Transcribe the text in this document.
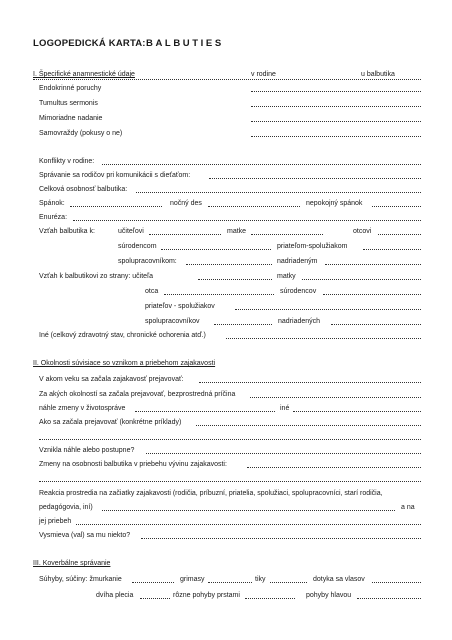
LOGOPEDICKÁ KARTA: BALBUTIES
I. Špecifické anamnestické údaje	v rodine	u balbutika
Endokrinné poruchy
Tumultus sermonis
Mimoriadne nadanie
Samovraždy (pokusy o ne)
Konflikty v rodine:
Správanie sa rodičov pri komunikácii s dieťaťom:
Celková osobnosť balbutika:
Spánok:	nočný des	nepokojný spánok
Enuréza:
Vzťah balbutika k:	učiteľovi	matke	otcovi
súrodencom	priateľom-spolužiakom
spolupracovníkom:	nadriadeným
Vzťah k balbutikovi zo strany: učiteľa	matky
otca	súrodencov
priateľov - spolužiakov
spolupracovníkov	nadriadených
Iné (celkový zdravotný stav, chronické ochorenia atď.)
II. Okolnosti súvisiace so vznikom a priebehom zajakavosti
V akom veku sa začala zajakavosť prejavovať:
Za akých okolností sa začala prejavovať, bezprostredná príčina
náhle zmeny v životospráve	iné
Ako sa začala prejavovať (konkrétne príklady)
Vznikla náhle alebo postupne?
Zmeny na osobnosti balbutika v priebehu vývinu zajakavosti:
Reakcia prostredia na začiatky zajakavosti (rodičia, príbuzní, priatelia, spolužiaci, spolupracovníci, starí rodičia,
pedagógovia, iní)	a na
jej priebeh
Vysmieva (val) sa mu niekto?
III. Koverbálne správanie
Súhyby, súčiny: žmurkanie	grimasy	tiky	dotyka sa vlasov
dvíha plecia	rôzne pohyby prstami	pohyby hlavou
